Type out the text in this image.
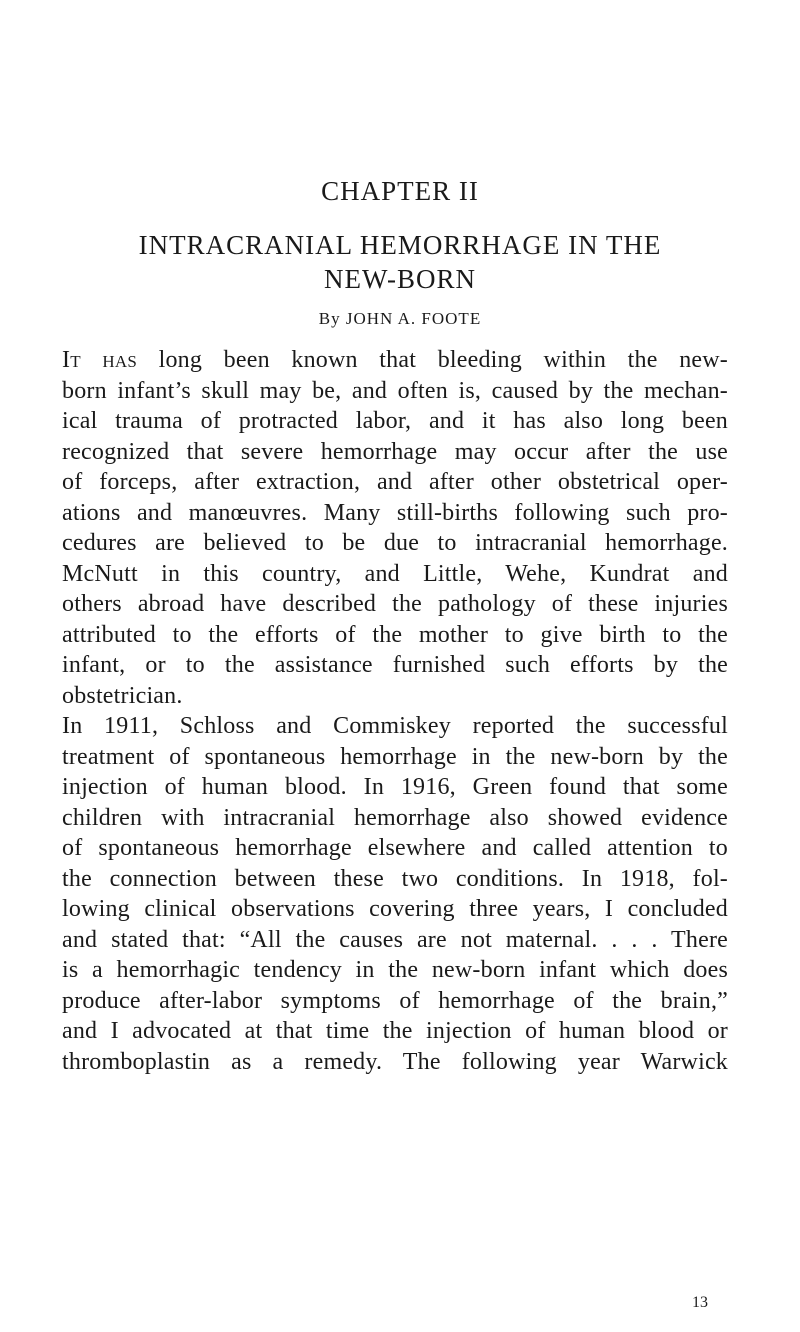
CHAPTER II
INTRACRANIAL HEMORRHAGE IN THE
NEW-BORN

By JOHN A. FOOTE

It has long been known that bleeding within the new-
born infant’s skull may be, and often is, caused by the mechan-
ical trauma of protracted labor, and it has also long been
recognized that severe hemorrhage may occur after the use
of forceps, after extraction, and after other obstetrical oper-
ations and manœuvres. Many still-births following such pro-
cedures are believed to be due to intracranial hemorrhage.
McNutt in this country, and Little, Wehe, Kundrat and
others abroad have described the pathology of these injuries
attributed to the efforts of the mother to give birth to the
infant, or to the assistance furnished such efforts by the
obstetrician.
In 1911, Schloss and Commiskey reported the successful
treatment of spontaneous hemorrhage in the new-born by the
injection of human blood. In 1916, Green found that some
children with intracranial hemorrhage also showed evidence
of spontaneous hemorrhage elsewhere and called attention to
the connection between these two conditions. In 1918, fol-
lowing clinical observations covering three years, I concluded
and stated that: “All the causes are not maternal. . . . There
is a hemorrhagic tendency in the new-born infant which does
produce after-labor symptoms of hemorrhage of the brain,”
and I advocated at that time the injection of human blood or
thromboplastin as a remedy. The following year Warwick
13
